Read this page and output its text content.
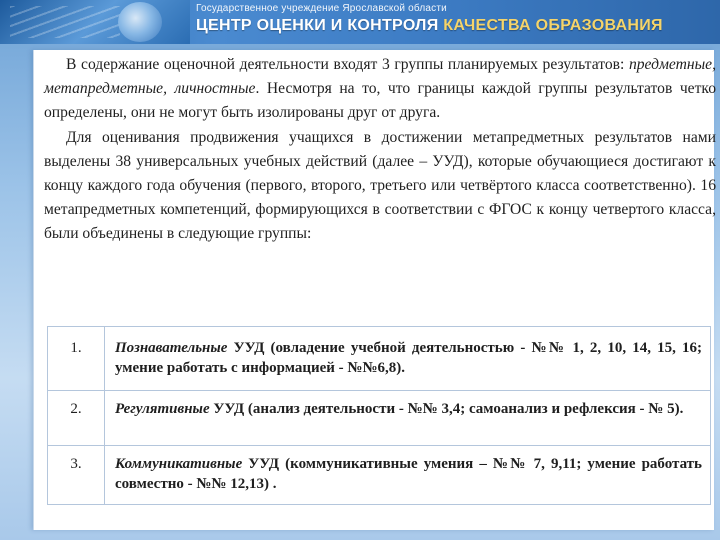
Государственное учреждение Ярославской области
ЦЕНТР ОЦЕНКИ И КОНТРОЛЯ КАЧЕСТВА ОБРАЗОВАНИЯ

В содержание оценочной деятельности входят 3 группы планируемых результатов: предметные, метапредметные, личностные. Несмотря на то, что границы каждой группы результатов четко определены, они не могут быть изолированы друг от друга.

Для оценивания продвижения учащихся в достижении метапредметных результатов нами выделены 38 универсальных учебных действий (далее – УУД), которые обучающиеся достигают к концу каждого года обучения (первого, второго, третьего или четвёртого класса соответственно). 16 метапредметных компетенций, формирующихся в соответствии с ФГОС к концу четвертого класса, были объединены в следующие группы:

1.	Познавательные УУД (овладение учебной деятельностью - №№ 1, 2, 10, 14, 15, 16; умение работать с информацией - №№6,8).
2.	Регулятивные УУД (анализ деятельности - №№ 3,4; самоанализ и рефлексия - № 5).
3.	Коммуникативные УУД (коммуникативные умения – №№ 7, 9,11; умение работать совместно - №№ 12,13) .
